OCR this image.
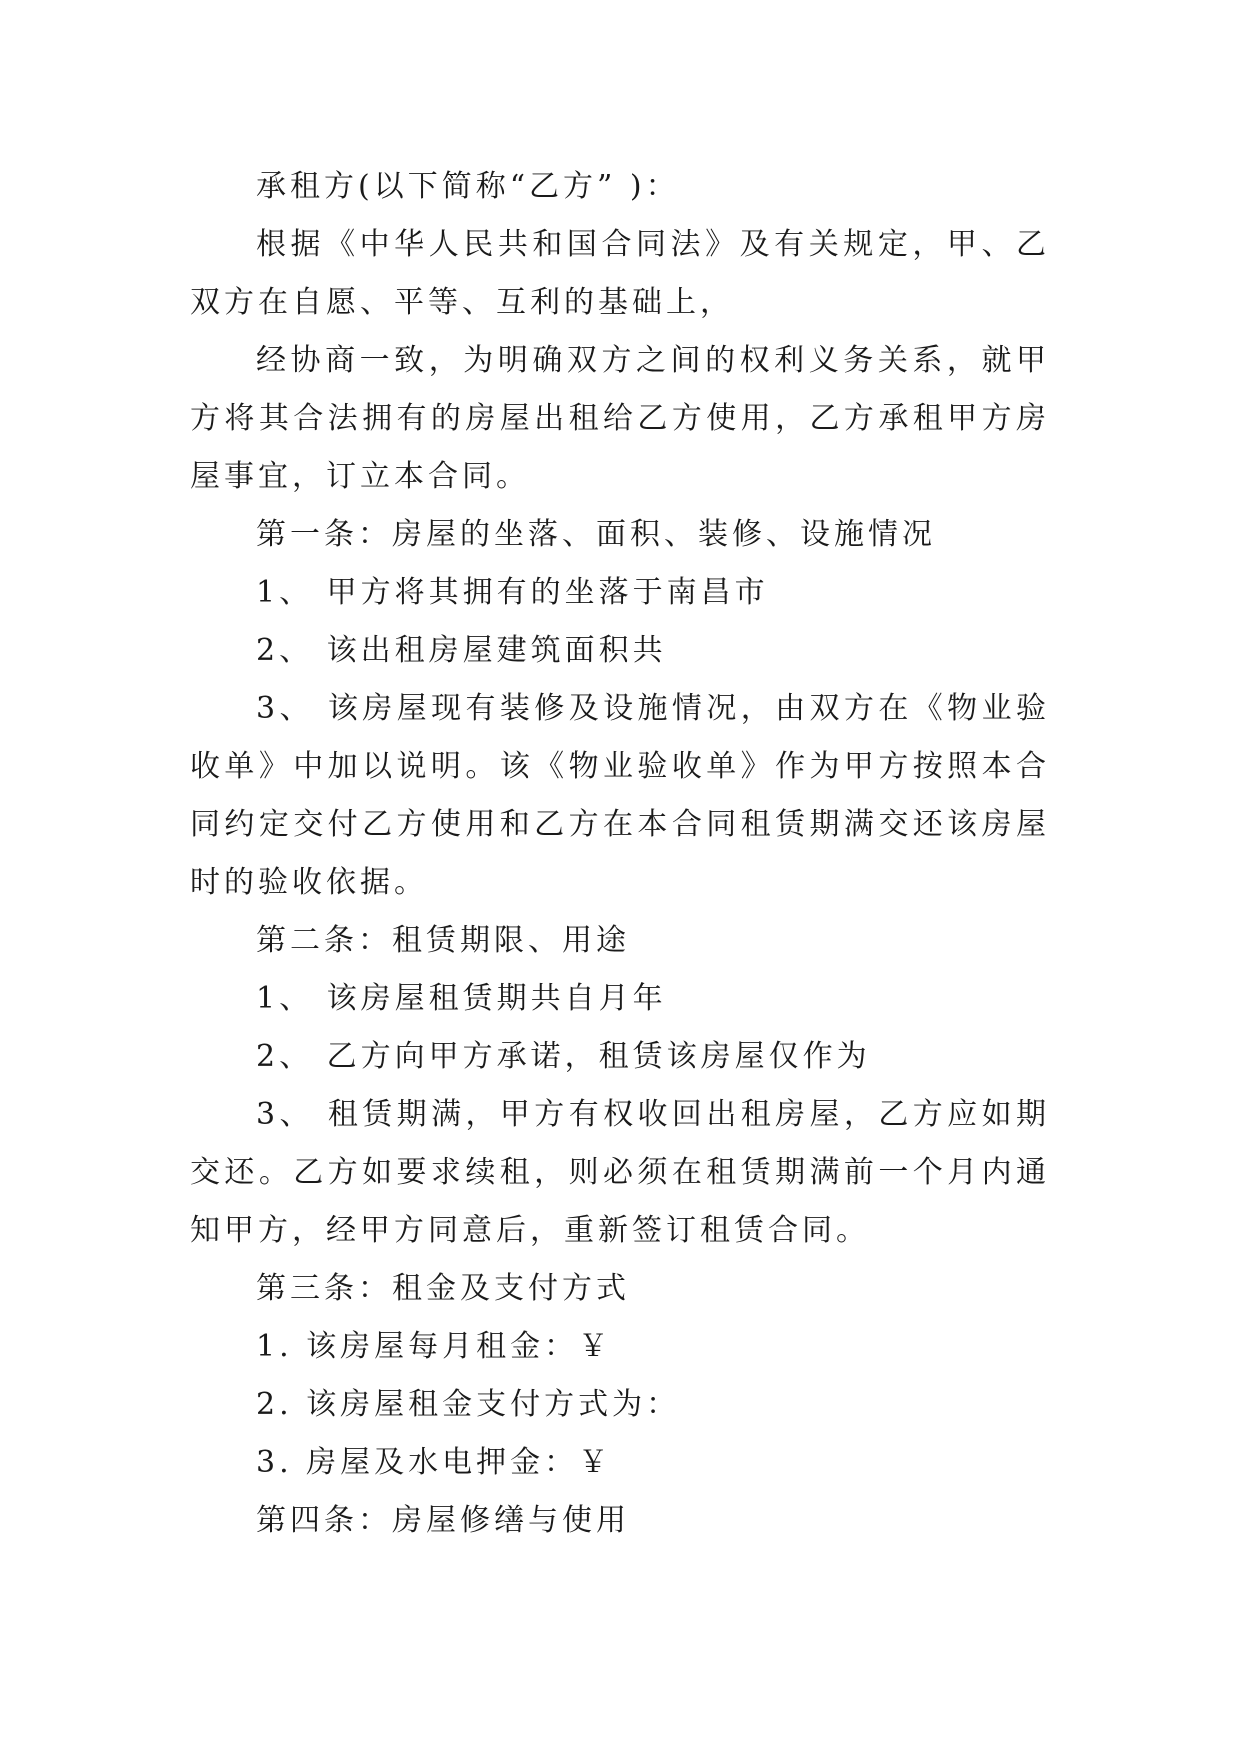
承租方(以下简称“乙方” )：

根据《中华人民共和国合同法》及有关规定，甲、乙双方在自愿、平等、互利的基础上，

经协商一致，为明确双方之间的权利义务关系，就甲方将其合法拥有的房屋出租给乙方使用，乙方承租甲方房屋事宜，订立本合同。

第一条：房屋的坐落、面积、装修、设施情况

1、 甲方将其拥有的坐落于南昌市

2、 该出租房屋建筑面积共

3、 该房屋现有装修及设施情况，由双方在《物业验收单》中加以说明。该《物业验收单》作为甲方按照本合同约定交付乙方使用和乙方在本合同租赁期满交还该房屋时的验收依据。

第二条：租赁期限、用途

1、 该房屋租赁期共自月年

2、 乙方向甲方承诺，租赁该房屋仅作为

3、 租赁期满，甲方有权收回出租房屋，乙方应如期交还。乙方如要求续租，则必须在租赁期满前一个月内通知甲方，经甲方同意后，重新签订租赁合同。

第三条：租金及支付方式

1. 该房屋每月租金：￥

2. 该房屋租金支付方式为：

3. 房屋及水电押金：￥

第四条：房屋修缮与使用
